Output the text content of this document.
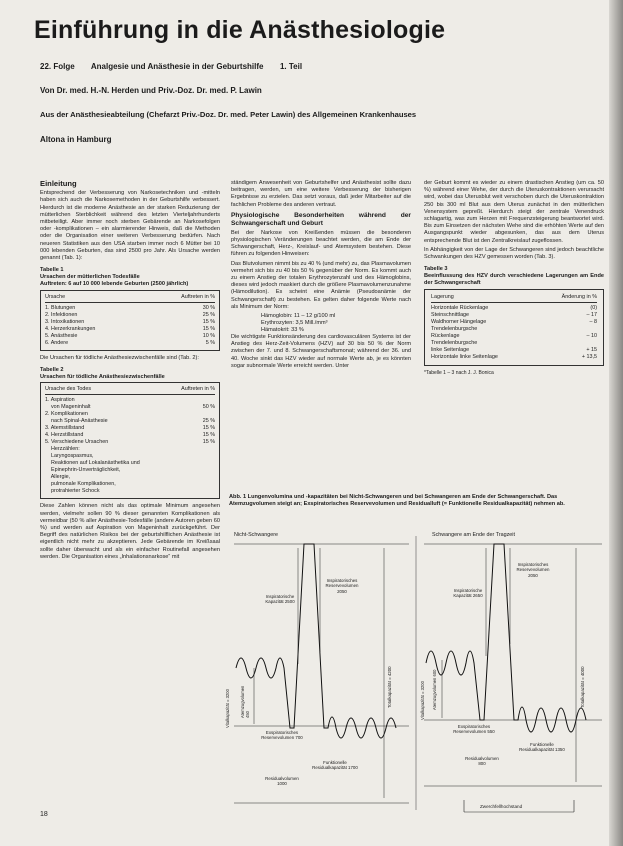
Einführung in die Anästhesiologie
22. Folge Analgesie und Anästhesie in der Geburtshilfe 1. Teil
Von Dr. med. H.-N. Herden und Priv.-Doz. Dr. med. P. Lawin
Aus der Anästhesieabteilung (Chefarzt Priv.-Doz. Dr. med. Peter Lawin) des Allgemeinen Krankenhauses
Altona in Hamburg
Einleitung

Entsprechend der Verbesserung von Narkosetechniken und -mitteln haben sich auch die Narkosemethoden in der Geburtshilfe verbessert. Hierdurch ist die moderne Anästhesie an der starken Reduzierung der mütterlichen Sterblichkeit während des letzten Vierteljahrhunderts mitbeteiligt. Aber immer noch sterben Gebärende an Narkosefolgen oder -komplikationen – ein alarmierender Hinweis, daß die Methoden oder die Organisation einer weiteren Verbesserung bedürfen. Nach neueren Statistiken aus den USA starben immer noch 6 Mütter bei 10 000 lebenden Geburten, das sind 2500 pro Jahr. Als Ursache werden genannt (Tab. 1):

Tabelle 1
Ursachen der mütterlichen Todesfälle
Auftreten: 6 auf 10 000 lebende Geburten (2500 jährlich)
Ursache	Auftreten in %
1. Blutungen	30 %
2. Infektionen	25 %
3. Intoxikationen	15 %
4. Herzerkrankungen	15 %
5. Anästhesie	10 %
6. Andere	5 %

Die Ursachen für tödliche Anästhesiezwischenfälle sind (Tab. 2):

Tabelle 2
Ursachen für tödliche Anästhesiezwischenfälle
Ursache des Todes	Auftreten in %
1. Aspiration
von Mageninhalt	50 %
2. Komplikationen
nach Spinal-Anästhesie	25 %
3. Atemstillstand	15 %
4. Herzstillstand	15 %
5. Verschiedene Ursachen	15 %
Herzzählen:
Laryngospasmus,
Reaktionen auf Lokalanästhetika und
Epinephrin-Unverträglichkeit,
Allergie,
pulmonale Komplikationen,
protrahierter Schock

Diese Zahlen können nicht als das optimale Minimum angesehen werden, vielmehr sollen 90 % dieser genannten Komplikationen als vermeidbar (50 % aller Anästhesie-Todesfälle (andere Autoren geben 60 %) und werden auf Aspiration von Mageninhalt zurückgeführt. Der Begriff des natürlichen Risikos bei der geburtshilflichen Anästhesie ist eigentlich nicht mehr zu akzeptieren. Jede Gebärende im Kreißsaal sollte daher überwacht und als ein einfacher Routinefall angesehen werden. Die Organisation eines „Inhalationsnarkose“ mit

ständigem Anwesenheit von Geburtshelfer und Anästhesist sollte dazu beitragen, werden, um eine weitere Verbesserung der bisherigen Ergebnisse zu erzielen. Das setzt voraus, daß jeder Mitarbeiter auf die fachlichen Probleme des anderen vertraut.

Physiologische Besonderheiten während der Schwangerschaft und Geburt

Bei der Narkose von Kreißenden müssen die besonderen physiologischen Veränderungen beachtet werden, die am Ende der Schwangerschaft, Herz-, Kreislauf- und Atemsystem bestehen. Diese führen zu folgenden Hinweisen:

Das Blutvolumen nimmt bis zu 40 % (und mehr) zu, das Plasmavolumen vermehrt sich bis zu 40 bis 50 % gegenüber der Norm. Es kommt auch zu einem Anstieg der totalen Erythrozytenzahl und des Hämoglobins, dieses wird jedoch maskiert durch die größere Plasmavolumenzunahme (Hämodilution). Es scheint eine Anämie (Pseudoanämie der Schwangerschaft) zu bestehen. Es gelten daher folgende Werte nach als Minimum der Norm:

Hämoglobin: 11 – 12 g/100 ml
Erythrozyten: 3,5 Mill./mm³
Hämatokrit: 33 %

Die wichtigste Funktionsänderung des cardiovasculären Systems ist der Anstieg des Herz-Zeit-Volumens (HZV) auf 30 bis 50 % der Norm zwischen der 7. und 8. Schwangerschaftsmonat; während der 36. und 40. Woche sinkt das HZV wieder auf normale Werte ab, je es könnten sogar subnormale Werte erreicht werden. Unter

der Geburt kommt es wieder zu einem drastischen Anstieg (um ca. 50 %) während einer Wehe, der durch die Uteruskontraktionen verursacht wird, wobei das Uterusblut weit verschoben durch die Uteruskontraktion 250 bis 300 ml Blut aus dem Uterus zunächst in den mütterlichen Venensystem gepreßt. Hierdurch steigt der zentrale Venendruck schlagartig, was zum Herzen mit Frequenzsteigerung beantwortet wird. Bis zum Einsetzen der nächsten Wehe sind die erhöhten Werte auf den Ausgangspunkt wieder abgesunken, das aus dem Uterus entsprechende Blut ist den Zentralkreislauf zugeflossen.

In Abhängigkeit von der Lage der Schwangeren sind jedoch beachtliche Schwankungen des HZV gemessen worden (Tab. 3).

Tabelle 3
Beeinflussung des HZV durch verschiedene Lagerungen am Ende der Schwangerschaft
Lagerung	Änderung in %
Horizontale Rückenlage	(0)
Steinschnittlage	– 17
Waldhorner Hängelage	– 8
Trendelenburgsche
Rückenlage	– 10
Trendelenburgsche
linke Seitenlage	+ 15
Horizontale linke Seitenlage	+ 13,5
*Tabelle 1 – 3 nach J. J. Bonica
Abb. 1 Lungenvolumina und -kapazitäten bei Nicht-Schwangeren und bei Schwangeren am Ende der Schwangerschaft. Das Atemzugvolumen steigt an; Exspiratorisches Reservevolumen und Residualluft (= Funktionelle Residualkapazität) nehmen ab.
Nicht-Schwangere	Schwangere am Ende der Tragzeit
Inspiratorische Kapazität 2500
Inspiratorisches Reservevolumen 2050
Vitalkapazität = 3200	Atemzugvolumen 450
Totalkapazität = 4200
Exspiratorisches Reservevolumen 700
Funktionelle Residualkapazität 1700
Residualvolumen 1000
Inspiratorische Kapazität 2650
Inspiratorisches Reservevolumen 2050
Vitalkapazität = 3200	Atemzugvolumen 600	Totalkapazität = 4000
Exspiratorisches Reservevolumen 550
Funktionelle Residualkapazität 1350
Residualvolumen 800
Zwerchfellhochstand
18
